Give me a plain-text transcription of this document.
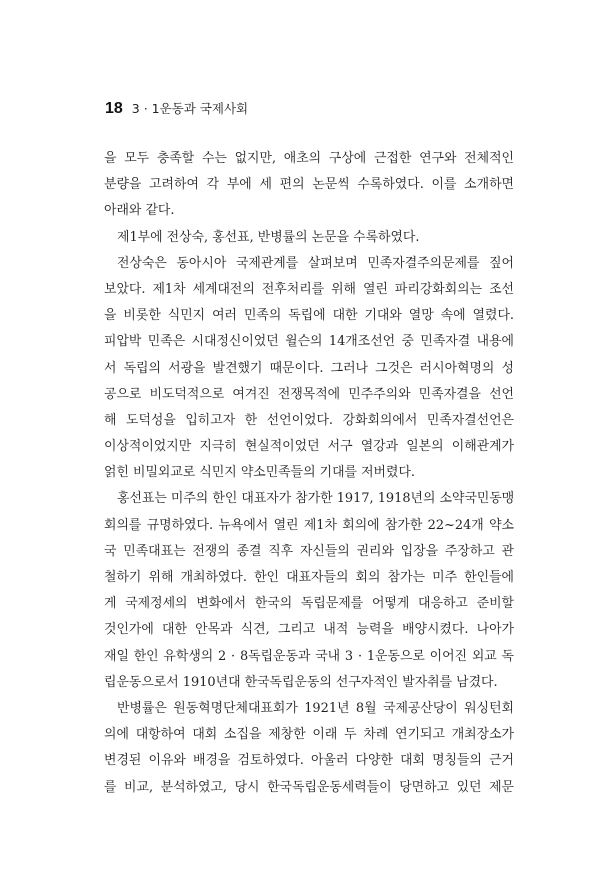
18 3 · 1운동과 국제사회
을 모두 충족할 수는 없지만, 애초의 구상에 근접한 연구와 전체적인
분량을 고려하여 각 부에 세 편의 논문씩 수록하였다. 이를 소개하면
아래와 같다.
제1부에 전상숙, 홍선표, 반병률의 논문을 수록하였다.
전상숙은 동아시아 국제관계를 살펴보며 민족자결주의문제를 짚어
보았다. 제1차 세계대전의 전후처리를 위해 열린 파리강화회의는 조선
을 비롯한 식민지 여러 민족의 독립에 대한 기대와 열망 속에 열렸다.
피압박 민족은 시대정신이었던 윌슨의 14개조선언 중 민족자결 내용에
서 독립의 서광을 발견했기 때문이다. 그러나 그것은 러시아혁명의 성
공으로 비도덕적으로 여겨진 전쟁목적에 민주주의와 민족자결을 선언
해 도덕성을 입히고자 한 선언이었다. 강화회의에서 민족자결선언은
이상적이었지만 지극히 현실적이었던 서구 열강과 일본의 이해관계가
얽힌 비밀외교로 식민지 약소민족들의 기대를 저버렸다.
홍선표는 미주의 한인 대표자가 참가한 1917, 1918년의 소약국민동맹
회의를 규명하였다. 뉴욕에서 열린 제1차 회의에 참가한 22~24개 약소
국 민족대표는 전쟁의 종결 직후 자신들의 권리와 입장을 주장하고 관
철하기 위해 개최하였다. 한인 대표자들의 회의 참가는 미주 한인들에
게 국제정세의 변화에서 한국의 독립문제를 어떻게 대응하고 준비할
것인가에 대한 안목과 식견, 그리고 내적 능력을 배양시켰다. 나아가
재일 한인 유학생의 2 · 8독립운동과 국내 3 · 1운동으로 이어진 외교 독
립운동으로서 1910년대 한국독립운동의 선구자적인 발자취를 남겼다.
반병률은 원동혁명단체대표회가 1921년 8월 국제공산당이 워싱턴회
의에 대항하여 대회 소집을 제창한 이래 두 차례 연기되고 개최장소가
변경된 이유와 배경을 검토하였다. 아울러 다양한 대회 명칭들의 근거
를 비교, 분석하였고, 당시 한국독립운동세력들이 당면하고 있던 제문
